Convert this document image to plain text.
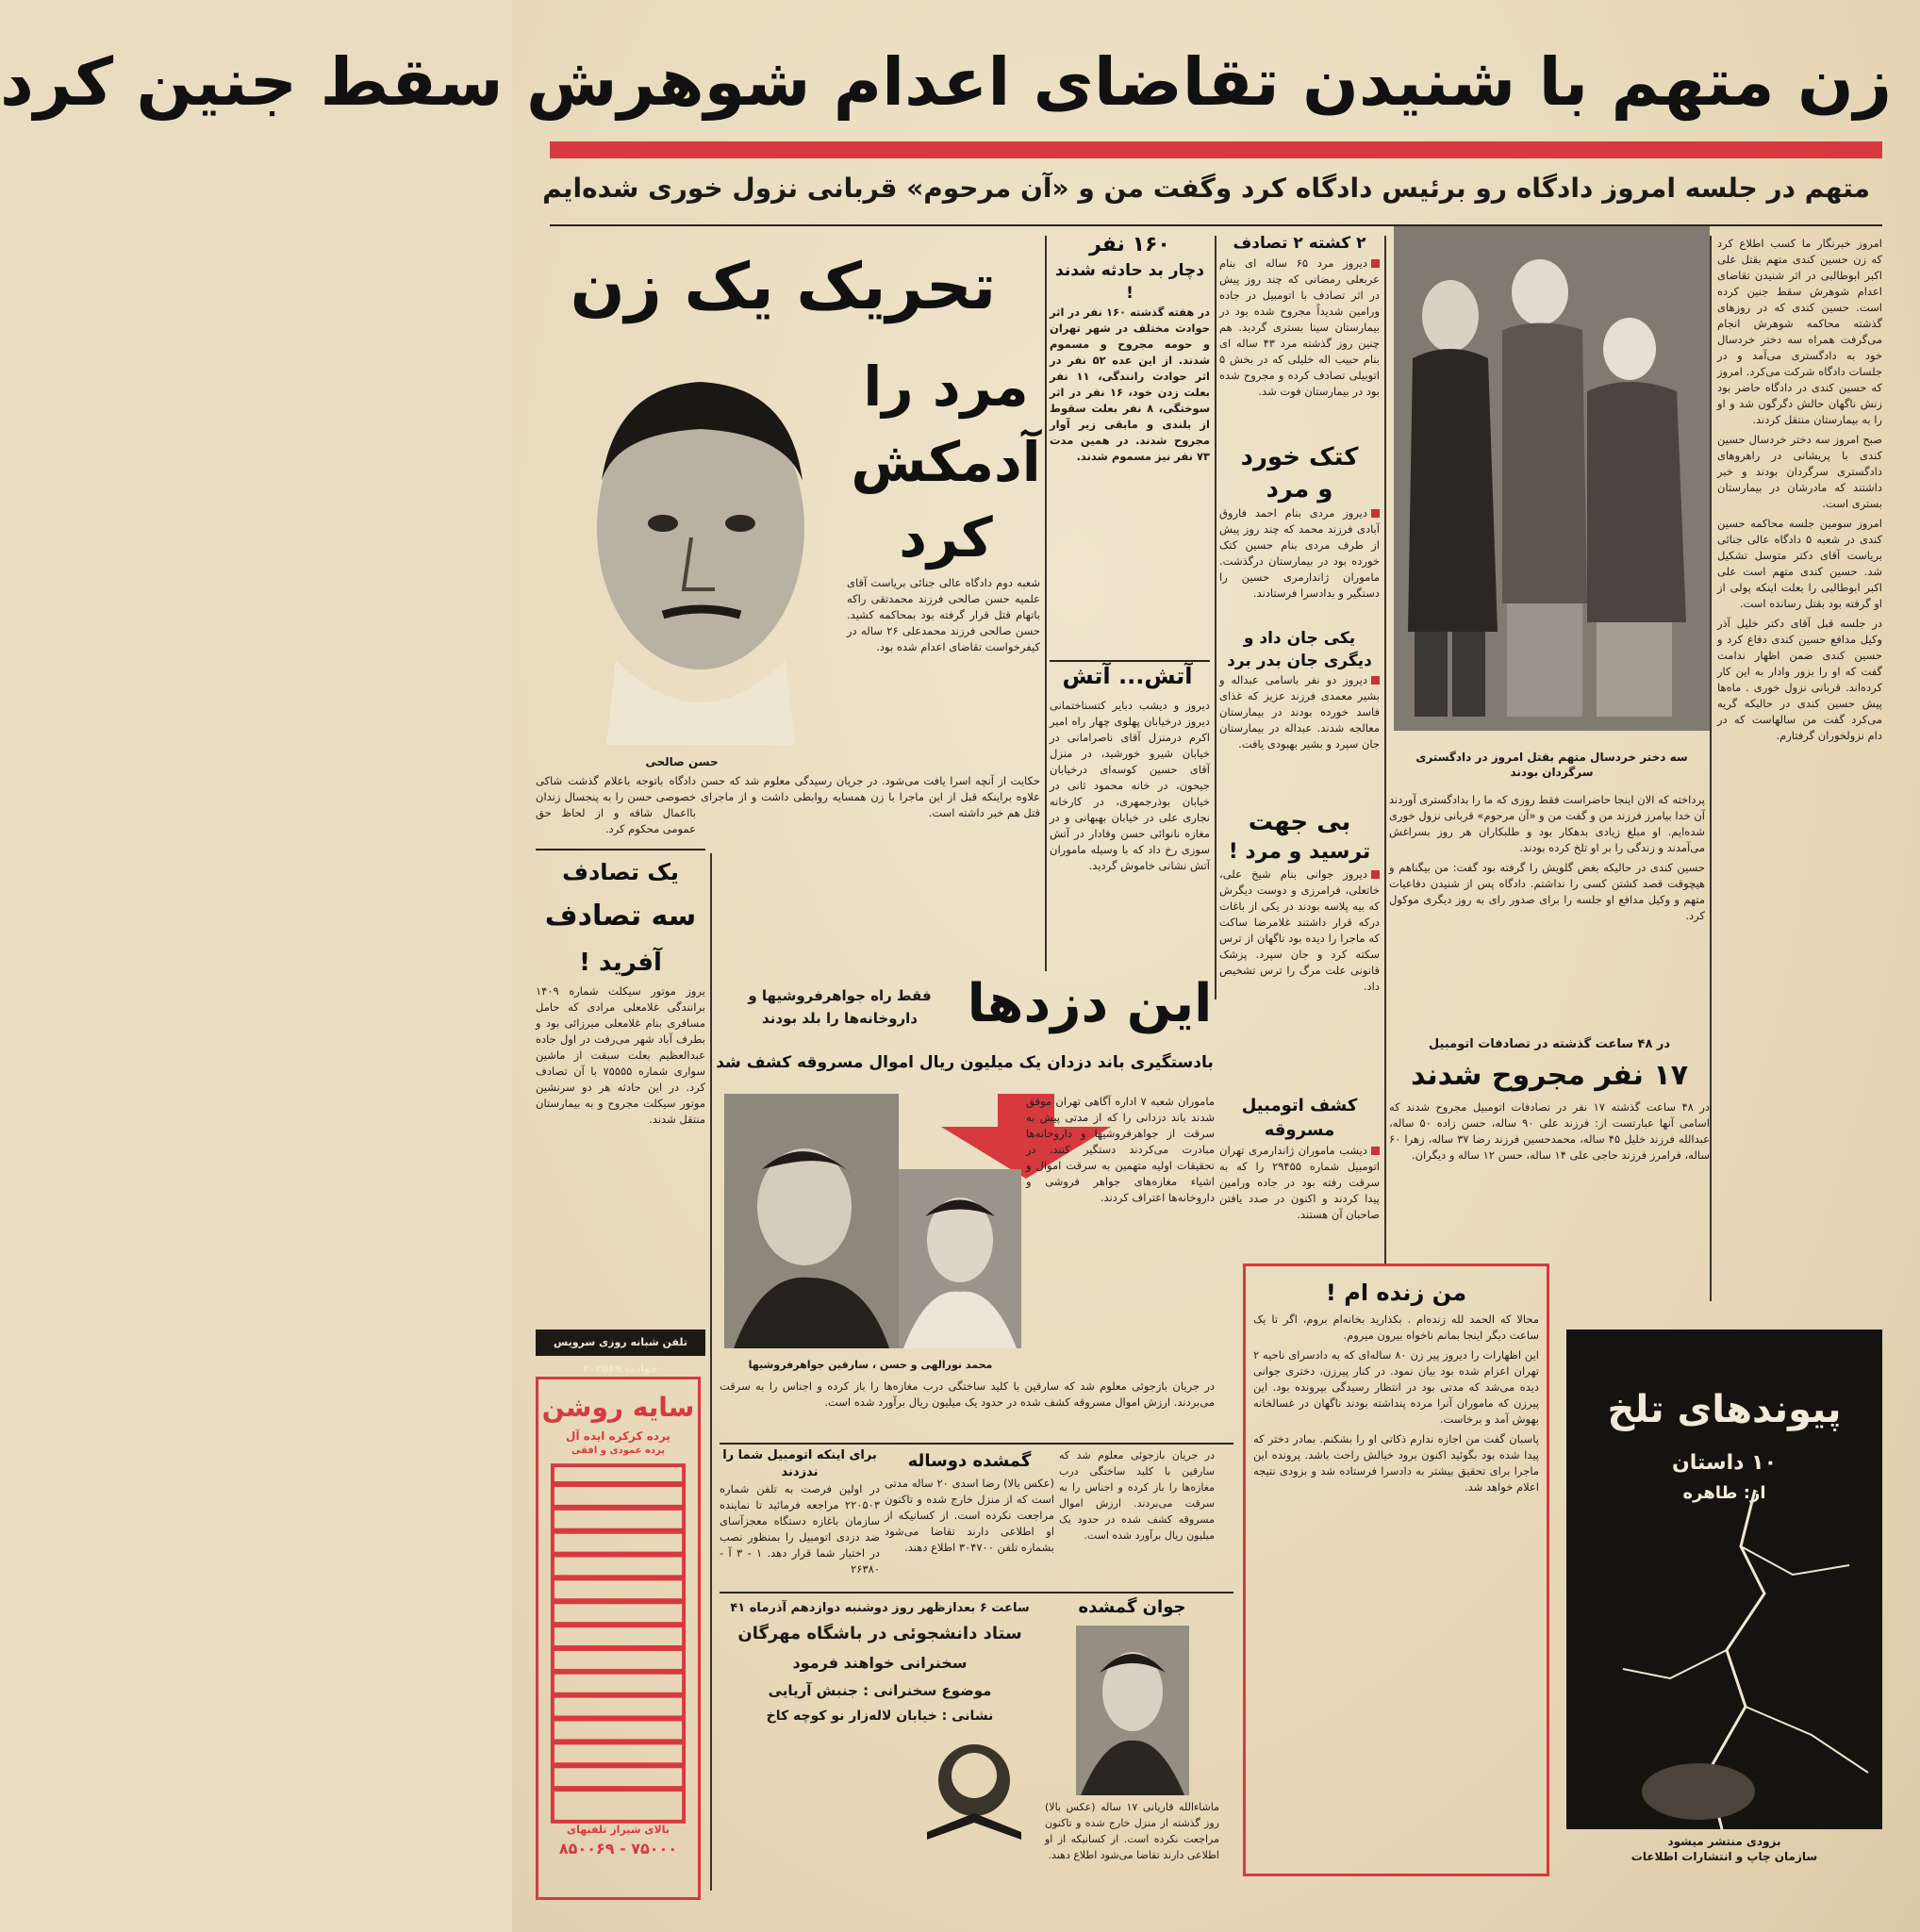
زن متهم با شنیدن تقاضای اعدام شوهرش سقط جنین کرد
متهم در جلسه امروز دادگاه رو برئیس دادگاه کرد وگفت من و «آن مرحوم» قربانی نزول خوری شده‌ایم

امروز خبرنگار ما کسب اطلاع کرد که زن حسین کندی متهم بقتل علی اکبر ابوطالبی در اثر شنیدن تقاضای اعدام شوهرش سقط جنین کرده است. حسین کندی که در روزهای گذشته محاکمه شوهرش انجام می‌گرفت همراه سه دختر خردسال خود به دادگستری می‌آمد و در جلسات دادگاه شرکت می‌کرد. امروز که حسین کندی در دادگاه حاضر بود زنش ناگهان حالش دگرگون شد و او را به بیمارستان منتقل کردند.

صبح امروز سه دختر خردسال حسین کندی با پریشانی در راهروهای دادگستری سرگردان بودند و خبر داشتند که مادرشان در بیمارستان بستری است.

امروز سومین جلسه محاکمه حسین کندی در شعبه ۵ دادگاه عالی جنائی بریاست آقای دکتر متوسل تشکیل شد. حسین کندی متهم است علی اکبر ابوطالبی را بعلت اینکه پولی از او گرفته بود بقتل رسانده است.

در جلسه قبل آقای دکتر خلیل آذر وکیل مدافع حسین کندی دفاع کرد و حسین کندی ضمن اظهار ندامت گفت که او را بزور وادار به این کار کرده‌اند. قربانی نزول خوری . ماه‌ها پیش حسین کندی در حالیکه گریه می‌کرد گفت من سالهاست که در دام نزولخوران گرفتارم.

سه دختر خردسال متهم بقتل امروز در دادگستری
سرگردان بودند

پرداخته که الان اینجا حاضراست فقط روزی که ما را بدادگستری آوردند آن خدا بیامرز فرزند من و گفت من و «آن مرحوم» قربانی نزول خوری شده‌ایم. او مبلغ زیادی بدهکار بود و طلبکاران هر روز بسراغش می‌آمدند و زندگی را بر او تلخ کرده بودند.

حسین کندی در حالیکه بغض گلویش را گرفته بود گفت: من بیگناهم و هیچوقت قصد کشتن کسی را نداشتم. دادگاه پس از شنیدن دفاعیات متهم و وکیل مدافع او جلسه را برای صدور رای به روز دیگری موکول کرد.

در ۴۸ ساعت گذشته در تصادفات اتومبیل
۱۷ نفر مجروح شدند
در ۴۸ ساعت گذشته ۱۷ نفر در تصادفات اتومبیل مجروح شدند که اسامی آنها عبارتست از: فرزند علی ۹۰ ساله، حسن زاده ۵۰ ساله، عبدالله فرزند خلیل ۴۵ ساله، محمدحسین فرزند رضا ۳۷ ساله، زهرا ۶۰ ساله، فرامرز فرزند حاجی علی ۱۴ ساله، حسن ۱۲ ساله و دیگران.
پیوندهای تلخ
۱۰ داستان
از: طاهره
بزودی منتشر میشود
سازمان چاپ و انتشارات اطلاعات
من زنده ام !

محالا که الحمد لله زنده‌ام . بکذارید بخانه‌ام بروم، اگر تا یک ساعت دیگر اینجا بمانم ناخواه بیرون میروم.

این اظهارات را دیروز پیر زن ۸۰ ساله‌ای که به دادسرای ناحیه ۲ تهران اعزام شده بود بیان نمود. در کنار پیرزن، دختری جوانی دیده می‌شد که مدتی بود در انتظار رسیدگی بپرونده بود. این پیرزن که ماموران آنرا مرده پنداشته بودند ناگهان در غسالخانه بهوش آمد و برخاست.

پاسبان گفت من اجازه ندارم ذکاتی او را بشکنم. بمادر دختر که پیدا شده بود بگوئید اکنون برود خیالش راحت باشد. پرونده این ماجرا برای تحقیق بیشتر به دادسرا فرستاده شد و بزودی نتیجه اعلام خواهد شد.

۲ کشته ۲ تصادف
دیروز مرد ۶۵ ساله ای بنام عربعلی رمضانی که چند روز پیش در اثر تصادف با اتومبیل در جاده ورامین شدیداً مجروح شده بود در بیمارستان سینا بستری گردید. هم چنین روز گذشته مرد ۴۳ ساله ای بنام حبیب اله خلیلی که در بخش ۵ اتوبیلی تصادف کرده و مجروح شده بود در بیمارستان فوت شد.
کتک خورد
و مرد
دیروز مردی بنام احمد فاروق آبادی فرزند محمد که چند روز پیش از طرف مردی بنام حسین کتک خورده بود در بیمارستان درگذشت. ماموران ژاندارمری حسین را دستگیر و بدادسرا فرستادند.
یکی جان داد و دیگری جان بدر برد
دیروز دو نفر باسامی عبداله و بشیر معمدی فرزند عزیز که غذای فاسد خورده بودند در بیمارستان معالجه شدند. عبداله در بیمارستان جان سپرد و بشیر بهبودی یافت.
بی جهت
ترسید و مرد !
دیروز جوانی بنام شیخ علی، خاتعلی، فرامرزی و دوست دیگرش که بیه پلاسه بودند در یکی از باغات درکه قرار داشتند غلامرضا ساکت که ماجرا را دیده بود ناگهان از ترس سکته کرد و جان سپرد. پزشک قانونی علت مرگ را ترس تشخیص داد.
کشف اتومبیل
مسروقه
دیشب ماموران ژاندارمری تهران اتومبیل شماره ۲۹۴۵۵ را که به سرقت رفته بود در جاده ورامین پیدا کردند و اکنون در صدد یافتن صاحبان آن هستند.
۱۶۰ نفر
دچار بد حادثه شدند !
در هفته گذشته ۱۶۰ نفر در اثر حوادث مختلف در شهر تهران و حومه مجروح و مسموم شدند. از این عده ۵۲ نفر در اثر حوادث رانندگی، ۱۱ نفر بعلت زدن خود، ۱۶ نفر در اثر سوختگی، ۸ نفر بعلت سقوط از بلندی و مابقی زیر آوار مجروح شدند. در همین مدت ۷۳ نفر نیز مسموم شدند.
آتش... آتش
دیروز و دیشب دبایر کتسناختمانی دیروز درخیابان پهلوی چهار راه امیر اکرم درمنزل آقای ناصرامانی در خیابان شیرو خورشید، در منزل آقای حسین کوسه‌ای درخیابان جیحون، در خانه محمود ثانی در خیابان بوذرجمهری، در کارخانه نجاری علی در خیابان بهبهانی و در مغازه نانوائی حسن وفادار در آتش سوزی رخ داد که با وسیله ماموران آتش نشانی خاموش گردید.
تحریک یک زن
مرد را
آدمکش
کرد
حسن صالحی

شعبه دوم دادگاه عالی جنائی بریاست آقای علمیه حسن صالحی فرزند محمدتقی راکه باتهام قتل قرار گرفته بود بمحاکمه کشید. حسن صالحی فرزند محمدعلی ۲۶ ساله در کیفرخواست تقاضای اعدام شده بود.

حکایت از آنچه اسرا یافت می‌شود. در جریان رسیدگی معلوم شد که حسن علاوه براینکه قبل از این ماجرا با زن همسایه روابطی داشت و از ماجرای قتل هم خبر داشته است.

دادگاه باتوجه باعلام گذشت شاکی خصوصی حسن را به پنجسال زندان بااعمال شاقه و از لحاظ حق عمومی محکوم کرد.

یک تصادف
سه تصادف
آفرید !
یروز موتور سیکلت شماره ۱۴۰۹ برانندگی غلامعلی مرادی که حامل مسافری بنام غلامعلی میرزائی بود و بطرف آباد شهر می‌رفت در اول جاده عبدالعظیم بعلت سبقت از ماشین سواری شماره ۷۵۵۵۵ با آن تصادف کرد. در این حادثه هر دو سرنشین موتور سیکلت مجروح و به بیمارستان منتقل شدند.
تلفن شبانه روزی سرویس حوادث ۲۰۲۵۶۹
سایه روشن
پرده کرکره ایده آل
پرده عمودی و افقی
بالای شیراز تلفنهای
۷۵۰۰۰ - ۸۵۰۰۶۹
این دزدها
فقط راه جواهرفروشیها و
داروخانه‌ها را بلد بودند
بادستگیری باند دزدان یک میلیون ریال اموال مسروقه کشف شد
محمد نورالهی و حسن ، سارقین جواهرفروشیها

ماموران شعبه ۷ اداره آگاهی تهران موفق شدند باند دزدانی را که از مدتی پیش به سرقت از جواهرفروشیها و داروخانه‌ها مبادرت می‌کردند دستگیر کنند. در تحقیقات اولیه متهمین به سرقت اموال و اشیاء مغازه‌های جواهر فروشی و داروخانه‌ها اعتراف کردند.

در جریان بازجوئی معلوم شد که سارقین با کلید ساختگی درب مغازه‌ها را باز کرده و اجناس را به سرقت می‌بردند. ارزش اموال مسروقه کشف شده در حدود یک میلیون ریال برآورد شده است.

گمشده دوساله
(عکس بالا) رضا اسدی ۲۰ ساله مدتی است که از منزل خارج شده و تاکنون مراجعت نکرده است. از کسانیکه از او اطلاعی دارند تقاضا می‌شود بشماره تلفن ۳۰۴۷۰۰ اطلاع دهند.
برای اینکه اتومبیل شما را ندزدند
در اولین فرصت به تلفن شماره ۲۲۰۵۰۳ مراجعه فرمائید تا نماینده سازمان باغازه دستگاه معجزآسای ضد دزدی اتومبیل را بمنظور نصب در اختیار شما قرار دهد. ۱ - ۳ آ - ۲۶۳۸۰
در جریان بازجوئی معلوم شد که سارقین با کلید ساختگی درب مغازه‌ها را باز کرده و اجناس را به سرقت می‌بردند. ارزش اموال مسروقه کشف شده در حدود یک میلیون ریال برآورد شده است.
ساعت ۶ بعدازظهر روز دوشنبه دوازدهم آذرماه ۴۱
ستاد دانشجوئی در باشگاه مهرگان
سخنرانی خواهند فرمود
موضوع سخنرانی : جنبش آریایی
نشانی : خیابان لاله‌زار نو کوچه کاخ
جوان گمشده
ماشاءالله قاریانی ۱۷ ساله (عکس بالا) روز گذشته از منزل خارج شده و تاکنون مراجعت نکرده است. از کسانیکه از او اطلاعی دارند تقاضا می‌شود اطلاع دهند.
